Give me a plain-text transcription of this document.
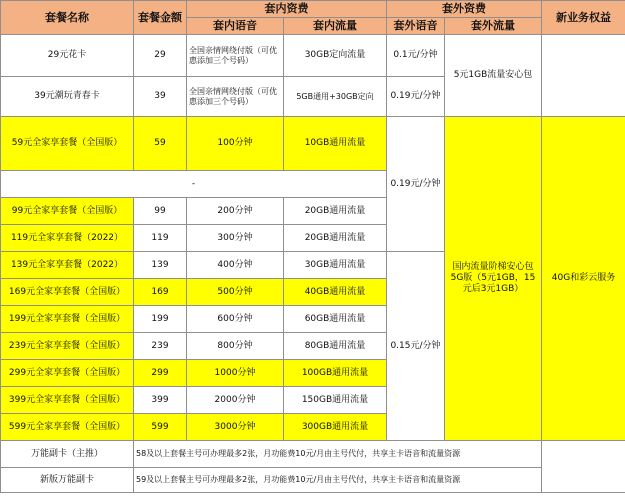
套餐名称	套餐金额	套内资费		套外资费		新业务权益
		套内语音	套内流量	套外语音	套外流量	
29元花卡	29	全国亲情网绕付版（可优惠添加三个号码）	30GB定向流量	0.1元/分钟	5元1GB流量安心包	
39元潮玩青春卡	39	全国亲情网绕付版（可优惠添加三个号码）	5GB通用+30GB定向	0.19元/分钟		
59元全家享套餐（全国版）	59	100分钟	10GB通用流量	0.19元/分钟	国内流量阶梯安心包5G版（5元1GB，15元后3元1GB）	40G和彩云服务
-						
99元全家享套餐（全国版）	99	200分钟	20GB通用流量			
119元全家享套餐（2022）	119	300分钟	20GB通用流量			
139元全家享套餐（2022）	139	400分钟	30GB通用流量	0.15元/分钟		
169元全家享套餐（全国版）	169	500分钟	40GB通用流量			
199元全家享套餐（全国版）	199	600分钟	60GB通用流量			
239元全家享套餐（全国版）	239	800分钟	80GB通用流量			
299元全家享套餐（全国版）	299	1000分钟	100GB通用流量			
399元全家享套餐（全国版）	399	2000分钟	150GB通用流量			
599元全家享套餐（全国版）	599	3000分钟	300GB通用流量			
万能副卡（主推）	58及以上套餐主号可办理最多2张，月功能费10元/月由主号代付，共享主卡语音和流量资源					
新版万能副卡	59及以上套餐主号可办理最多2张，月功能费10元/月由主号代付，共享主卡语音和流量资源					
